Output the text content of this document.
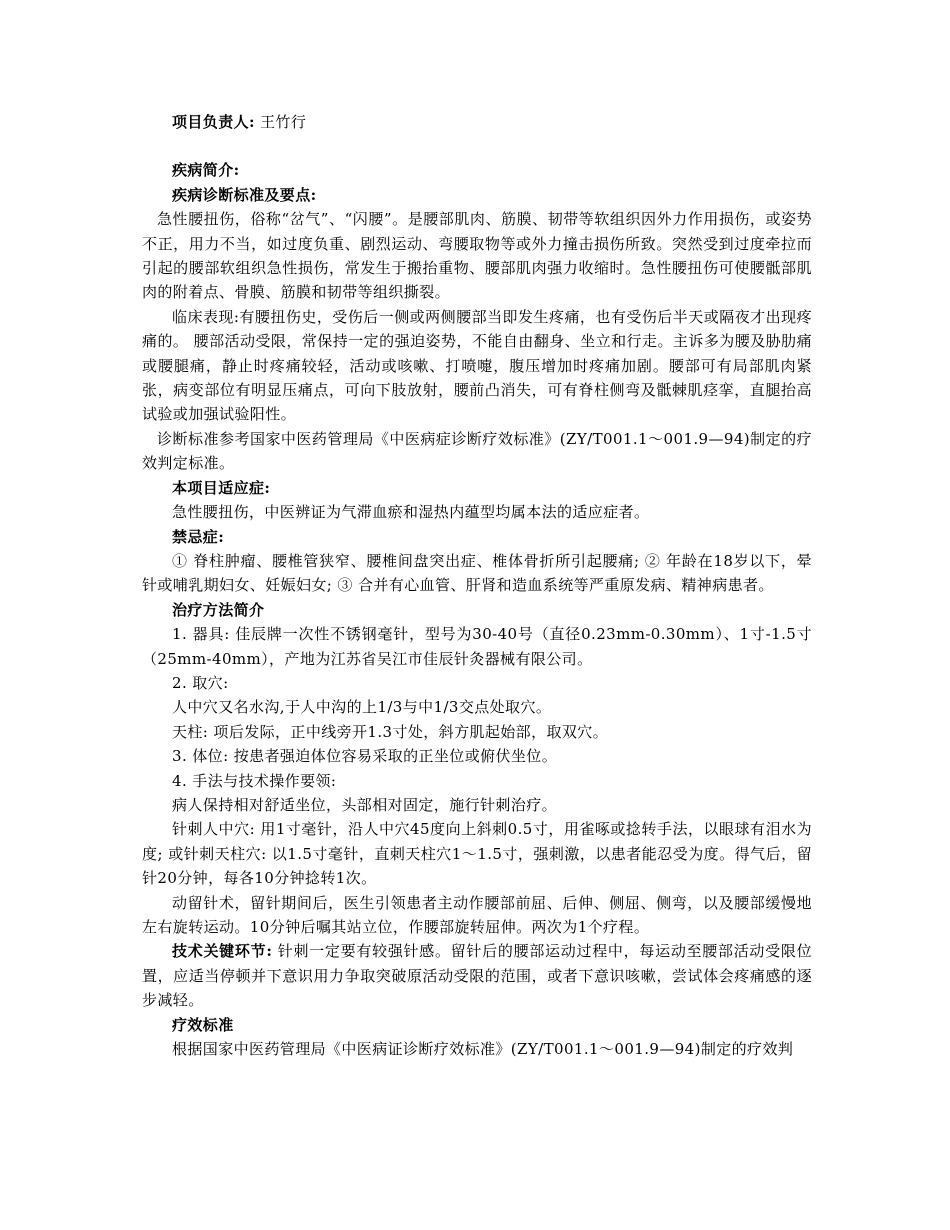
项目负责人: 王竹行

疾病简介:

疾病诊断标准及要点:

急性腰扭伤，俗称“岔气”、“闪腰”。是腰部肌肉、筋膜、韧带等软组织因外力作用损伤，或姿势不正，用力不当，如过度负重、剧烈运动、弯腰取物等或外力撞击损伤所致。突然受到过度牵拉而引起的腰部软组织急性损伤，常发生于搬抬重物、腰部肌肉强力收缩时。急性腰扭伤可使腰骶部肌肉的附着点、骨膜、筋膜和韧带等组织撕裂。

临床表现:有腰扭伤史，受伤后一侧或两侧腰部当即发生疼痛，也有受伤后半天或隔夜才出现疼痛的。 腰部活动受限，常保持一定的强迫姿势，不能自由翻身、坐立和行走。主诉多为腰及胁肋痛或腰腿痛，静止时疼痛较轻，活动或咳嗽、打喷嚏，腹压增加时疼痛加剧。腰部可有局部肌肉紧张，病变部位有明显压痛点，可向下肢放射，腰前凸消失，可有脊柱侧弯及骶棘肌痉挛，直腿抬高试验或加强试验阳性。

诊断标准参考国家中医药管理局《中医病症诊断疗效标准》(ZY/T001.1～001.9—94)制定的疗效判定标准。

本项目适应症:

急性腰扭伤，中医辨证为气滞血瘀和湿热内蕴型均属本法的适应症者。

禁忌症:

① 脊柱肿瘤、腰椎管狭窄、腰椎间盘突出症、椎体骨折所引起腰痛; ② 年龄在18岁以下，晕针或哺乳期妇女、妊娠妇女; ③ 合并有心血管、肝肾和造血系统等严重原发病、精神病患者。

治疗方法简介

1. 器具: 佳辰牌一次性不锈钢毫针，型号为30-40号（直径0.23mm-0.30mm）、1寸-1.5寸（25mm-40mm），产地为江苏省吴江市佳辰针灸器械有限公司。

2. 取穴:

人中穴又名水沟,于人中沟的上1/3与中1/3交点处取穴。

天柱: 项后发际，正中线旁开1.3寸处，斜方肌起始部，取双穴。

3. 体位: 按患者强迫体位容易采取的正坐位或俯伏坐位。

4. 手法与技术操作要领:

病人保持相对舒适坐位，头部相对固定，施行针刺治疗。

针刺人中穴: 用1寸毫针，沿人中穴45度向上斜刺0.5寸，用雀啄或捻转手法，以眼球有泪水为度; 或针刺天柱穴: 以1.5寸毫针，直刺天柱穴1～1.5寸，强刺激，以患者能忍受为度。得气后，留针20分钟，每各10分钟捻转1次。

动留针术，留针期间后，医生引领患者主动作腰部前屈、后伸、侧屈、侧弯，以及腰部缓慢地左右旋转运动。10分钟后嘱其站立位，作腰部旋转屈伸。两次为1个疗程。

技术关键环节: 针刺一定要有较强针感。留针后的腰部运动过程中，每运动至腰部活动受限位置，应适当停顿并下意识用力争取突破原活动受限的范围，或者下意识咳嗽，尝试体会疼痛感的逐步减轻。

疗效标准

根据国家中医药管理局《中医病证诊断疗效标准》(ZY/T001.1～001.9—94)制定的疗效判
